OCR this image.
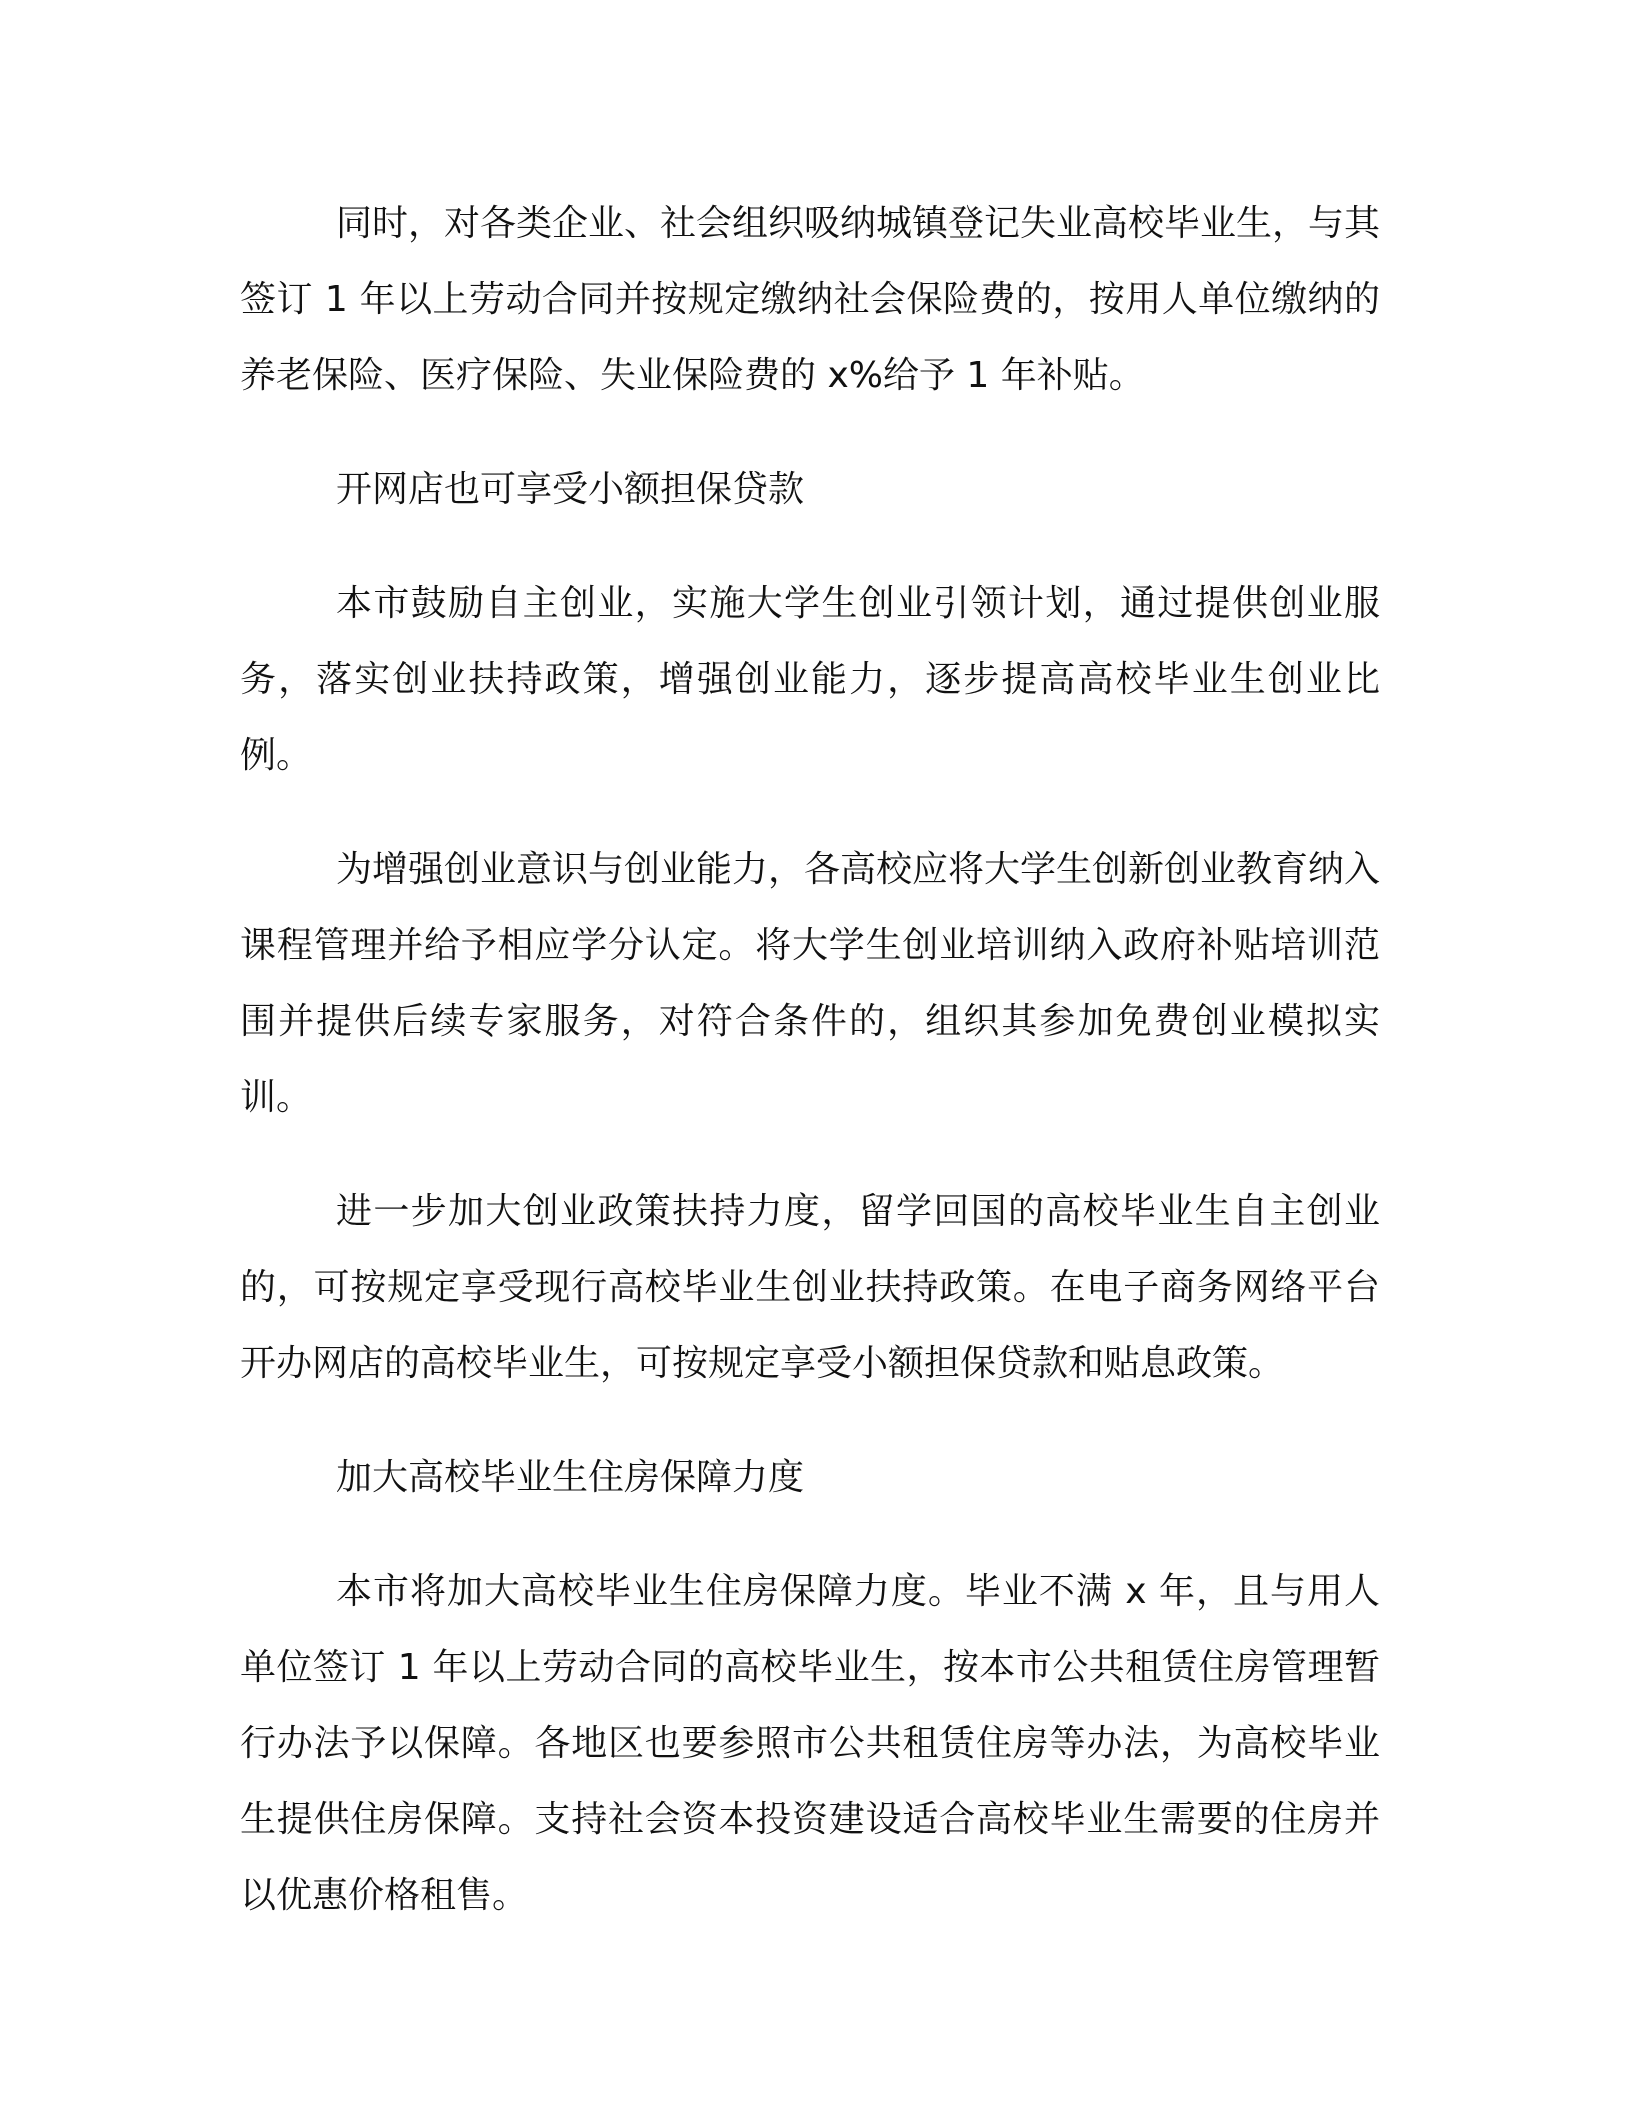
同时，对各类企业、社会组织吸纳城镇登记失业高校毕业生，与其签订 1 年以上劳动合同并按规定缴纳社会保险费的，按用人单位缴纳的养老保险、医疗保险、失业保险费的 x%给予 1 年补贴。

开网店也可享受小额担保贷款

本市鼓励自主创业，实施大学生创业引领计划，通过提供创业服务，落实创业扶持政策，增强创业能力，逐步提高高校毕业生创业比例。

为增强创业意识与创业能力，各高校应将大学生创新创业教育纳入课程管理并给予相应学分认定。将大学生创业培训纳入政府补贴培训范围并提供后续专家服务，对符合条件的，组织其参加免费创业模拟实训。

进一步加大创业政策扶持力度，留学回国的高校毕业生自主创业的，可按规定享受现行高校毕业生创业扶持政策。在电子商务网络平台开办网店的高校毕业生，可按规定享受小额担保贷款和贴息政策。

加大高校毕业生住房保障力度

本市将加大高校毕业生住房保障力度。毕业不满 x 年，且与用人单位签订 1 年以上劳动合同的高校毕业生，按本市公共租赁住房管理暂行办法予以保障。各地区也要参照市公共租赁住房等办法，为高校毕业生提供住房保障。支持社会资本投资建设适合高校毕业生需要的住房并以优惠价格租售。
